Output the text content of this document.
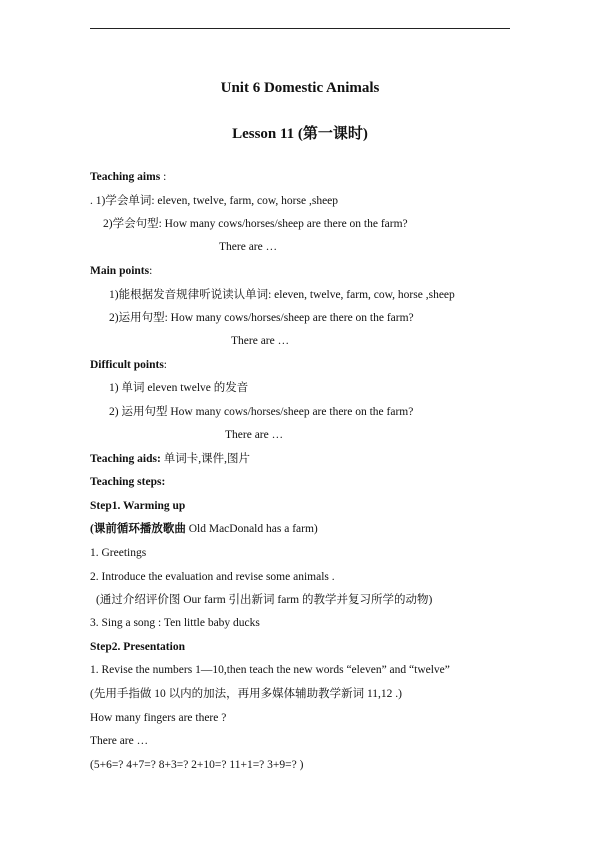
Unit 6 Domestic Animals
Lesson 11 (第一课时)
Teaching aims :
. 1)学会单词: eleven, twelve, farm, cow, horse ,sheep
2)学会句型: How many cows/horses/sheep are there on the farm?
There are …
Main points:
1)能根据发音规律听说读认单词: eleven, twelve, farm, cow, horse ,sheep
2)运用句型: How many cows/horses/sheep are there on the farm?
There are …
Difficult points:
1) 单词 eleven twelve 的发音
2) 运用句型 How many cows/horses/sheep are there on the farm?
There are …
Teaching aids: 单词卡,课件,图片
Teaching steps:
Step1. Warming up
(课前循环播放歌曲 Old MacDonald has a farm)
1. Greetings
2. Introduce the evaluation and revise some animals .
(通过介绍评价图 Our farm 引出新词 farm 的教学并复习所学的动物)
3. Sing a song : Ten little baby ducks
Step2. Presentation
1. Revise the numbers 1—10,then teach the new words “eleven” and “twelve”
(先用手指做 10 以内的加法，再用多媒体辅助教学新词 11,12 .)
How many fingers are there ?
There are …
(5+6=? 4+7=? 8+3=? 2+10=? 11+1=? 3+9=? )
